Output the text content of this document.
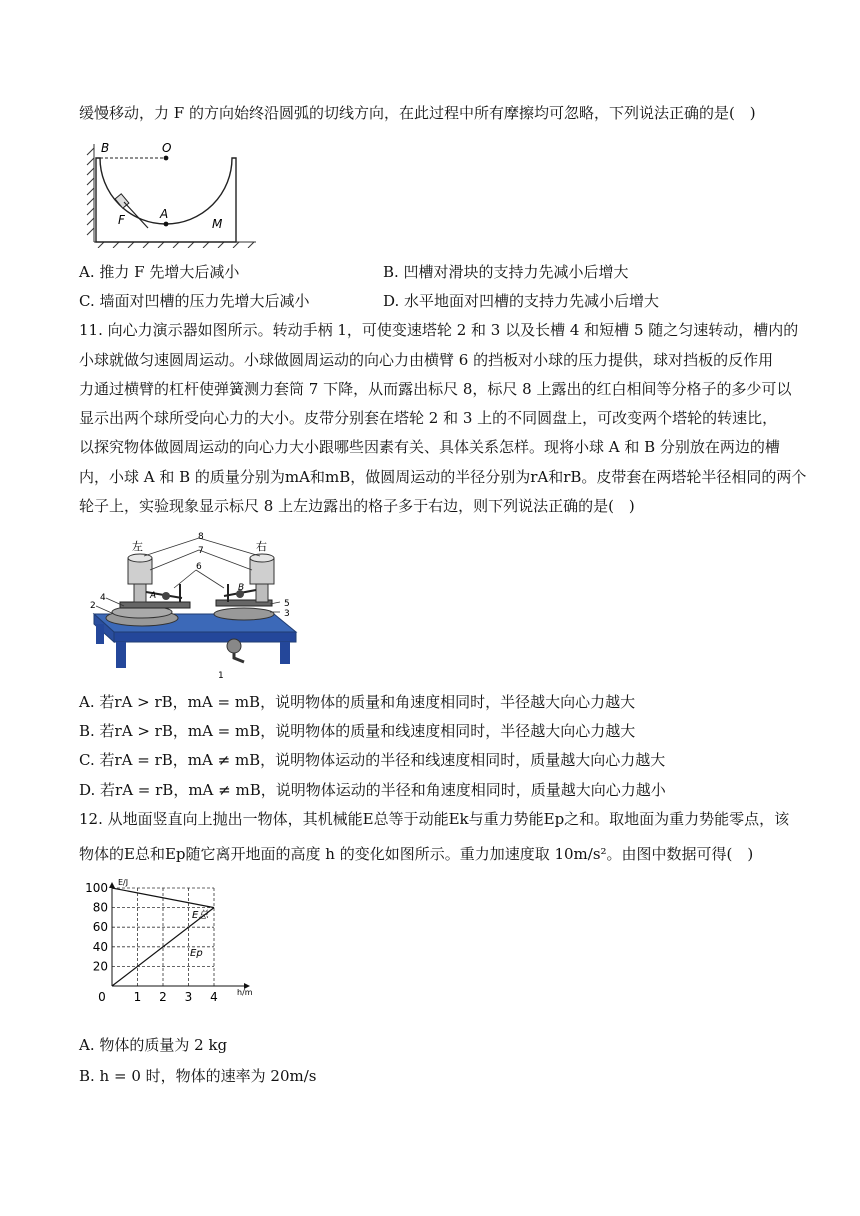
缓慢移动，力 F 的方向始终沿圆弧的切线方向，在此过程中所有摩擦均可忽略，下列说法正确的是(　)
B	O
F	A
M
A. 推力 F 先增大后减小	B. 凹槽对滑块的支持力先减小后增大
C. 墙面对凹槽的压力先增大后减小	D. 水平地面对凹槽的支持力先减小后增大
11. 向心力演示器如图所示。转动手柄 1，可使变速塔轮 2 和 3 以及长槽 4 和短槽 5 随之匀速转动，槽内的
小球就做匀速圆周运动。小球做圆周运动的向心力由横臂 6 的挡板对小球的压力提供，球对挡板的反作用
力通过横臂的杠杆使弹簧测力套筒 7 下降，从而露出标尺 8，标尺 8 上露出的红白相间等分格子的多少可以
显示出两个球所受向心力的大小。皮带分别套在塔轮 2 和 3 上的不同圆盘上，可改变两个塔轮的转速比，
以探究物体做圆周运动的向心力大小跟哪些因素有关、具体关系怎样。现将小球 A 和 B 分别放在两边的槽
内，小球 A 和 B 的质量分别为mA和mB，做圆周运动的半径分别为rA和rB。皮带套在两塔轮半径相同的两个
轮子上，实验现象显示标尺 8 上左边露出的格子多于右边，则下列说法正确的是(　)
左	右
8
7
6
5
3
4
2
1
A
B
A. 若rA > rB，mA = mB，说明物体的质量和角速度相同时，半径越大向心力越大
B. 若rA > rB，mA = mB，说明物体的质量和线速度相同时，半径越大向心力越大
C. 若rA = rB，mA ≠ mB，说明物体运动的半径和线速度相同时，质量越大向心力越大
D. 若rA = rB，mA ≠ mB，说明物体运动的半径和角速度相同时，质量越大向心力越小
12. 从地面竖直向上抛出一物体，其机械能E总等于动能Ek与重力势能Ep之和。取地面为重力势能零点，该
物体的E总和Ep随它离开地面的高度 h 的变化如图所示。重力加速度取 10m/s²。由图中数据可得(　)
20
40
60
80
100
0 1 2 3 4
E/J
h/m
E总
Ep
A. 物体的质量为 2 kg
B. h = 0 时，物体的速率为 20m/s
